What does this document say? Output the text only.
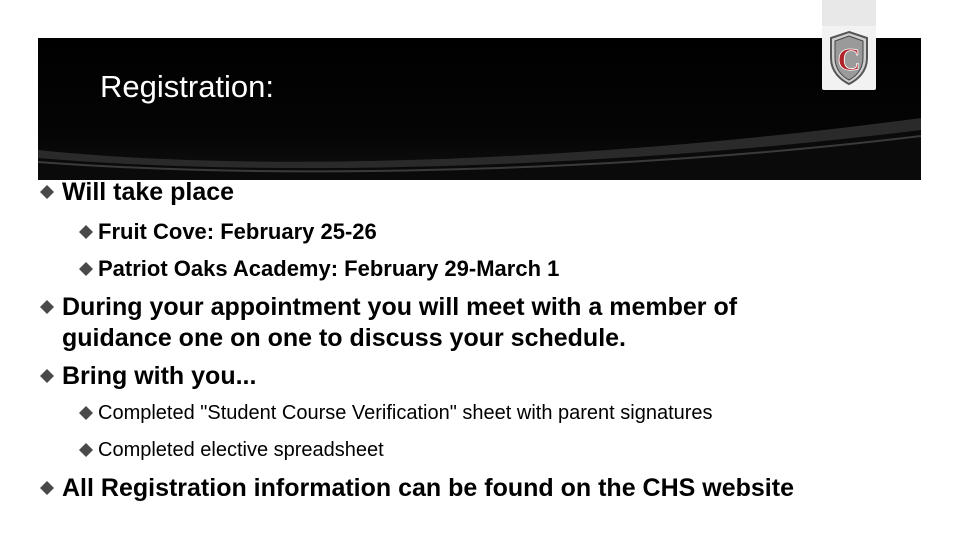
Registration:
C
Will take place
Fruit Cove: February 25-26
Patriot Oaks Academy: February 29-March 1
During your appointment you will meet with a member of
guidance one on one to discuss your schedule.
Bring with you...
Completed "Student Course Verification" sheet with parent signatures
Completed elective spreadsheet
All Registration information can be found on the CHS website
